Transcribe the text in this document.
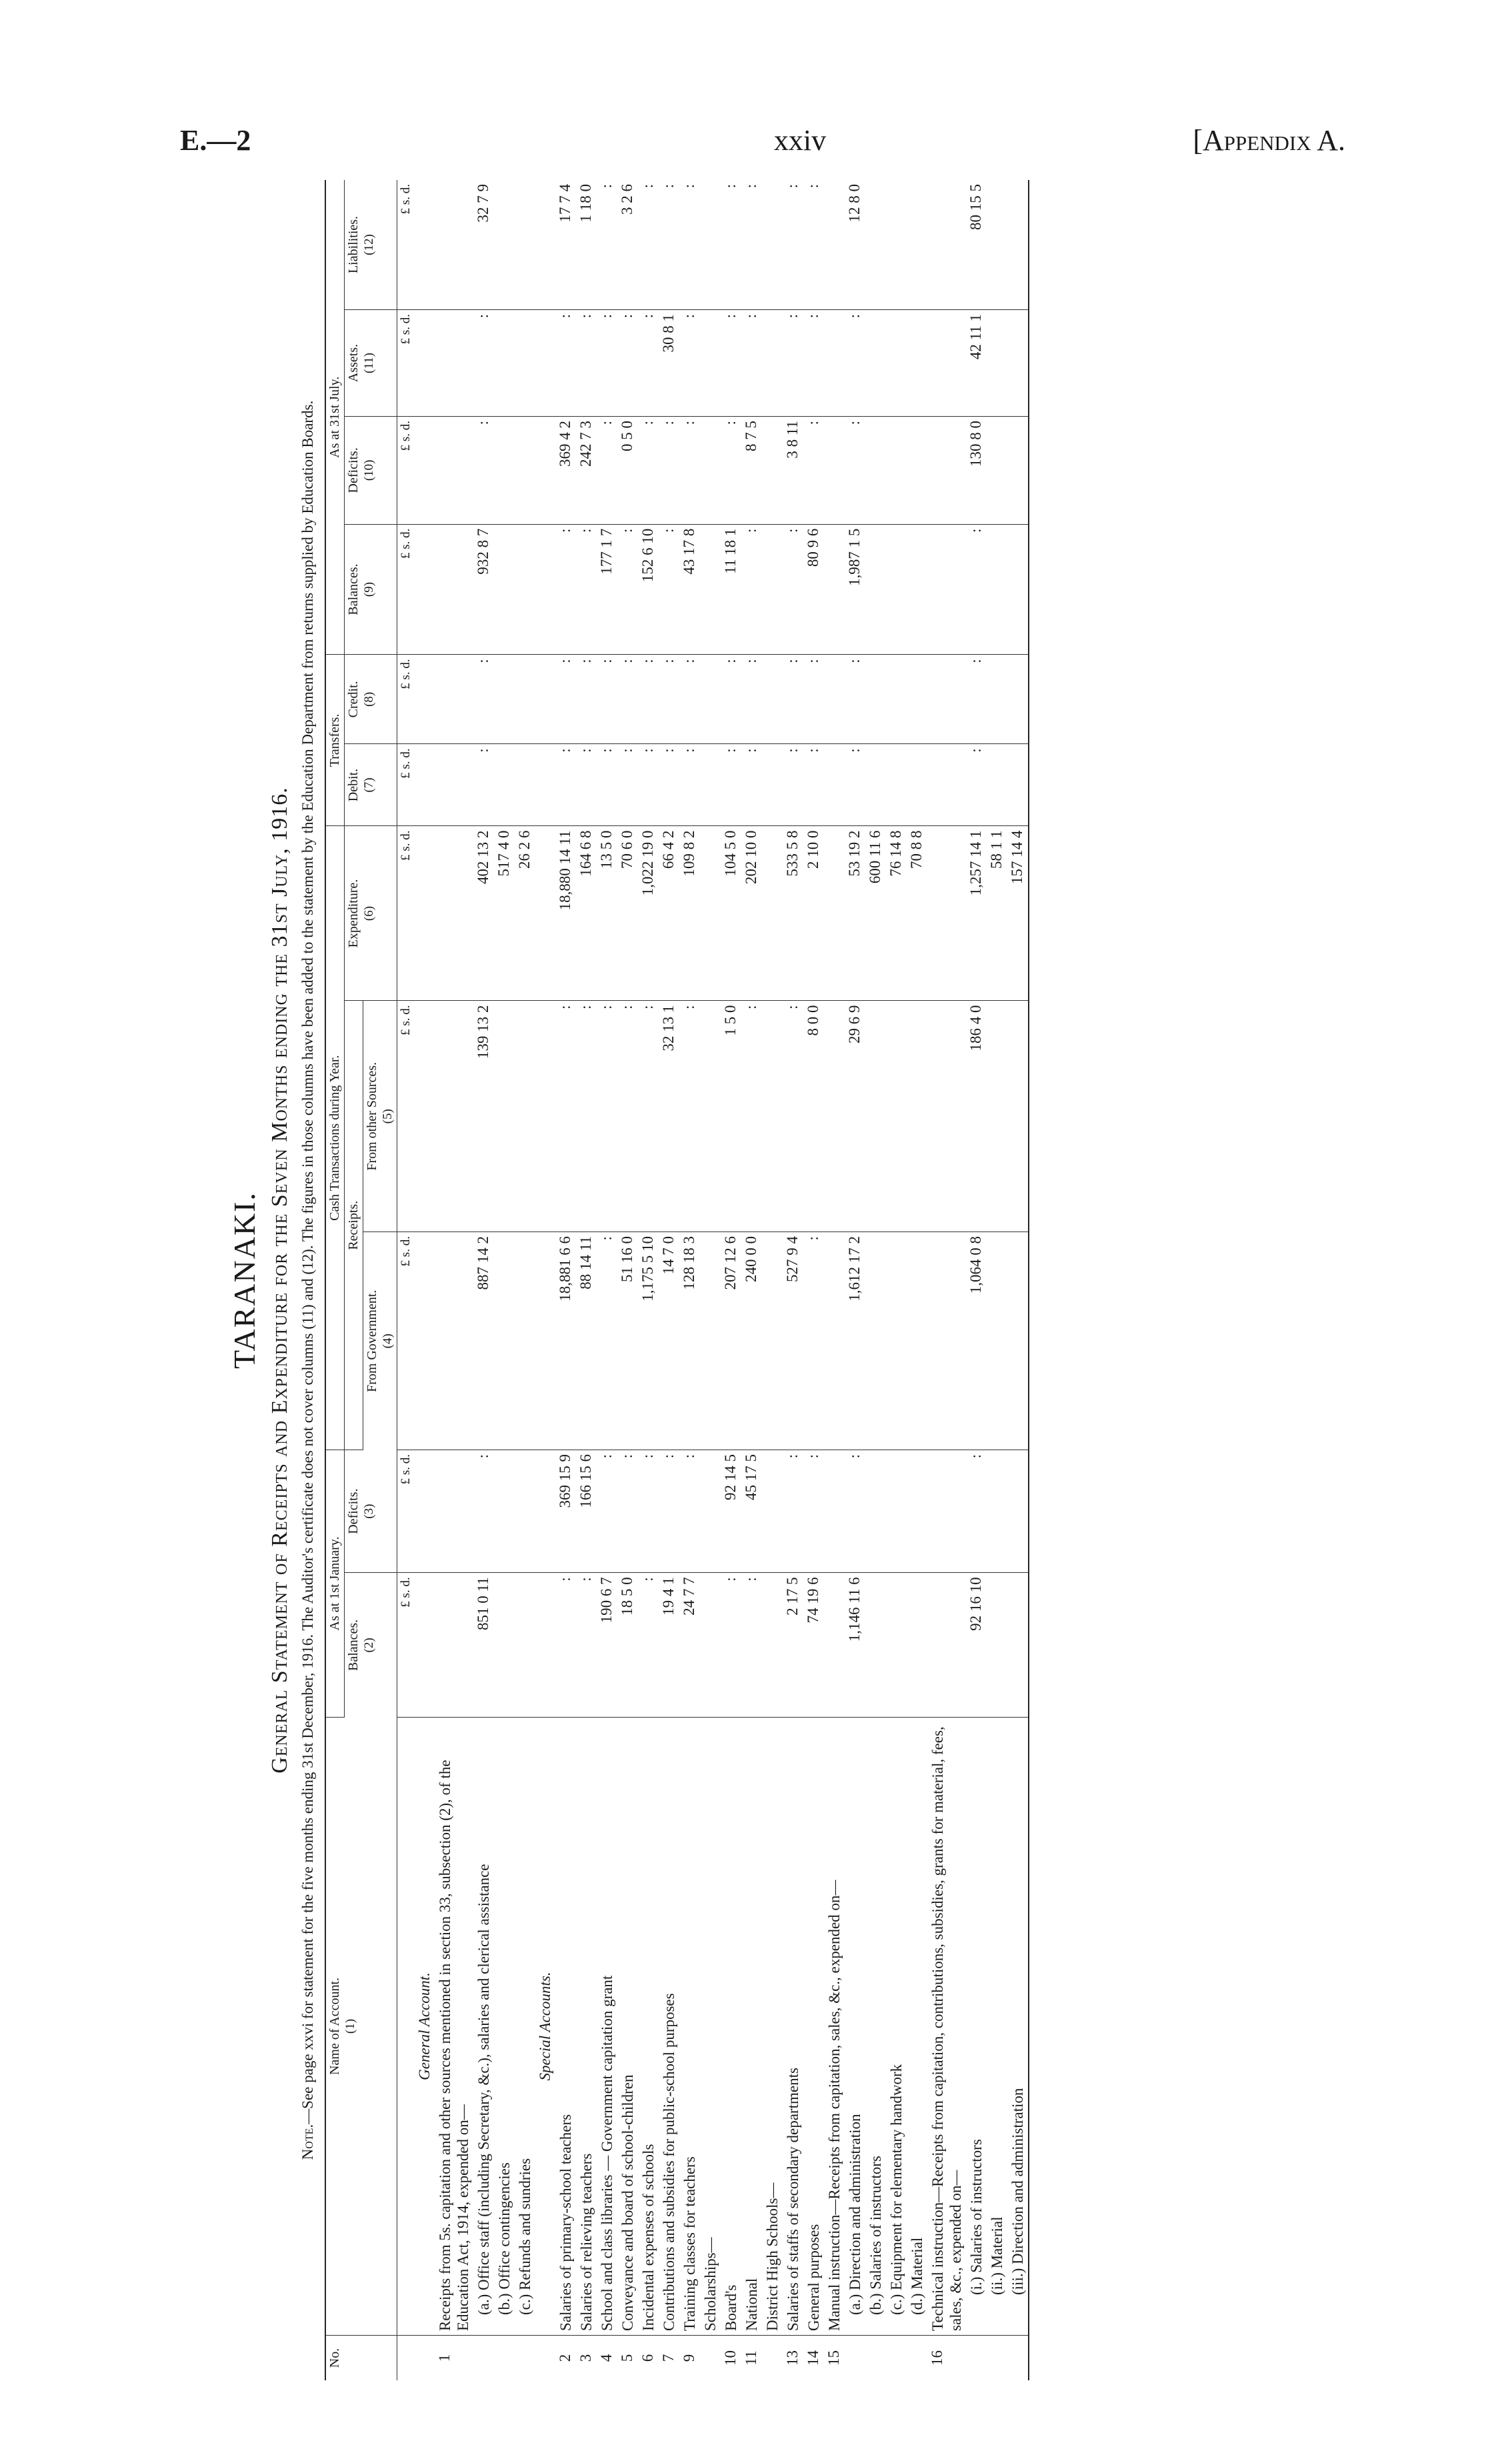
E.—2	xxiv	[Appendix A.
TARANAKI. General Statement of Receipts and Expenditure for the Seven Months ending the 31st July, 1916.
Note.—See page xxvi for statement for the five months ending 31st December, 1916. The Auditor's certificate does not cover columns (11) and (12). The figures in those columns have been added to the statement by the Education Department from returns supplied by Education Boards.
No.	Name of Account. (1)	As at 1st January.		Cash Transactions during Year.			Transfers.		As at 31st July.			
		Balances. (2)	Deficits. (3)	Receipts.		Expenditure. (6)	Debit. (7)	Credit. (8)	Balances. (9)	Deficits. (10)	Assets. (11)	Liabilities. (12)
				From Government. (4)	From other Sources. (5)							
		£ s. d.	£ s. d.	£ s. d.	£ s. d.	£ s. d.	£ s. d.	£ s. d.	£ s. d.	£ s. d.	£ s. d.	£ s. d.
	General Account.											
1	Receipts from 5s. capitation and other sources mentioned in section 33, subsection (2), of the Education Act, 1914, expended on—											
	(a.) Office staff (including Secretary, &c.), salaries and clerical assistance	851 0 11	:	887 14 2	139 13 2	402 13 2	:	:	932 8 7	:	:	32 7 9
	(b.) Office contingencies					517 4 0						
	(c.) Refunds and sundries					26 2 6						
	Special Accounts.											
2	Salaries of primary-school teachers	:	369 15 9	18,881 6 6	:	18,880 14 11	:	:	:	369 4 2	:	17 7 4
3	Salaries of relieving teachers	:	166 15 6	88 14 11	:	164 6 8	:	:	:	242 7 3	:	1 18 0
4	School and class libraries — Government capitation grant	190 6 7	:	:	:	13 5 0	:	:	177 1 7	:	:	:
5	Conveyance and board of school-children	18 5 0	:	51 16 0	:	70 6 0	:	:	:	0 5 0	:	3 2 6
6	Incidental expenses of schools	:	:	1,175 5 10	:	1,022 19 0	:	:	152 6 10	:	:	:
7	Contributions and subsidies for public-school purposes	19 4 1	:	14 7 0	32 13 1	66 4 2	:	:	:	:	30 8 1	:
9	Training classes for teachers	24 7 7	:	128 18 3	:	109 8 2	:	:	43 17 8	:	:	:
	Scholarships—											
10	Board's	:	92 14 5	207 12 6	1 5 0	104 5 0	:	:	11 18 1	:	:	:
11	National	:	45 17 5	240 0 0	:	202 10 0	:	:	:	8 7 5	:	:
	District High Schools—											
13	Salaries of staffs of secondary departments	2 17 5	:	527 9 4	:	533 5 8	:	:	:	3 8 11	:	:
14	General purposes	74 19 6	:	:	8 0 0	2 10 0	:	:	80 9 6	:	:	:
15	Manual instruction—Receipts from capitation, sales, &c., expended on—											
	(a.) Direction and administration	1,146 11 6	:	1,612 17 2	29 6 9	53 19 2	:	:	1,987 1 5	:	:	12 8 0
	(b.) Salaries of instructors					600 11 6						
	(c.) Equipment for elementary handwork					76 14 8						
	(d.) Material					70 8 8						
16	Technical instruction—Receipts from capitation, contributions, subsidies, grants for material, fees, sales, &c., expended on—											
	(i.) Salaries of instructors	92 16 10	:	1,064 0 8	186 4 0	1,257 14 1	:	:	:	130 8 0	42 11 1	80 15 5
	(ii.) Material					58 1 1						
	(iii.) Direction and administration					157 14 4						
